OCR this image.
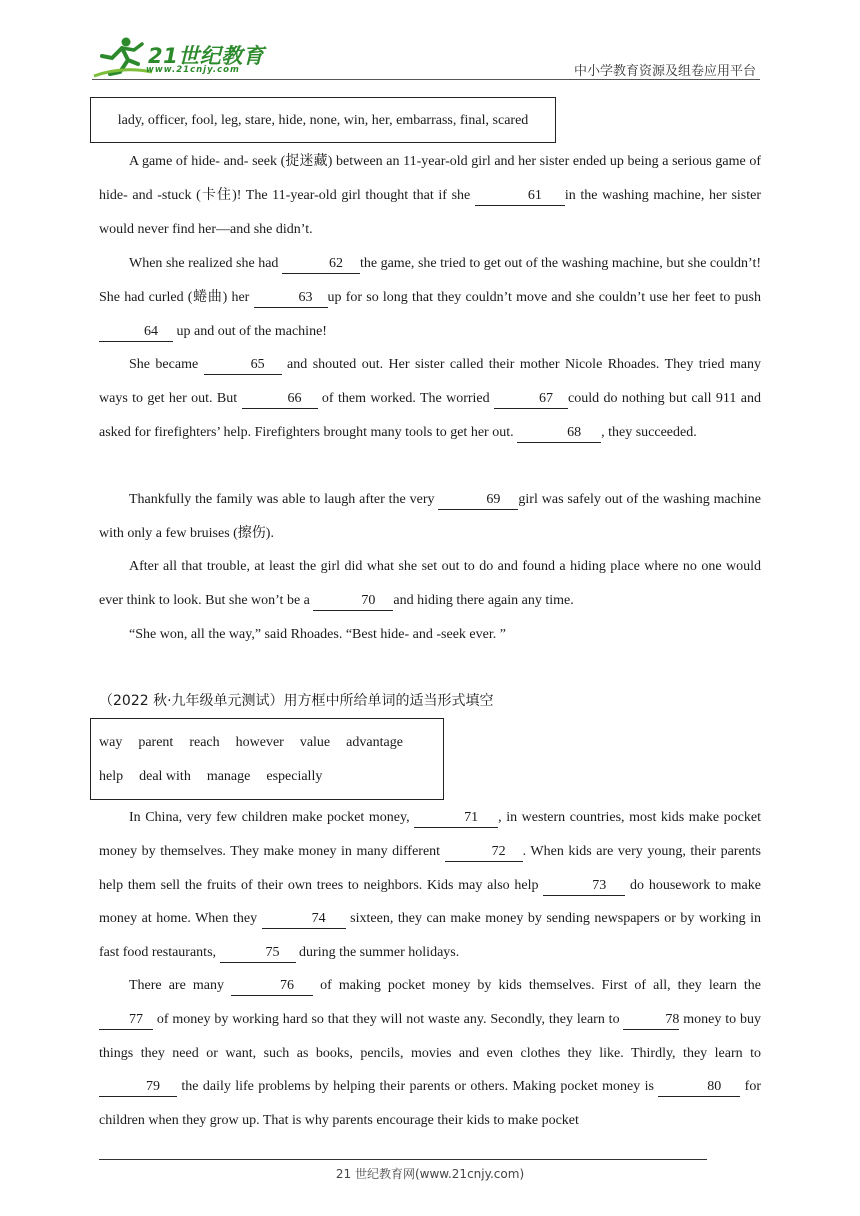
21世纪教育
www.21cnjy.com	中小学教育资源及组卷应用平台
lady, officer, fool, leg, stare, hide, none, win, her, embarrass, final, scared
A game of hide- and- seek (捉迷藏) between an 11-year-old girl and her sister ended up being a serious game of hide- and -stuck (卡住)! The 11-year-old girl thought that if she	61 in the washing machine, her sister would never find her—and she didn’t.
When she realized she had	62 the game, she tried to get out of the washing machine, but she couldn’t! She had curled (蜷曲) her	63 up for so long that they couldn’t move and she couldn’t use her feet to push 64 up and out of the machine!
She became	65 and shouted out. Her sister called their mother Nicole Rhoades. They tried many ways to get her out. But	66 of them worked. The worried	67 could do nothing but call 911 and asked for firefighters’ help. Firefighters brought many tools to get her out.	68 , they succeeded.
Thankfully the family was able to laugh after the very	69 girl was safely out of the washing machine with only a few bruises (擦伤).
After all that trouble, at least the girl did what she set out to do and found a hiding place where no one would ever think to look. But she won’t be a	70 and hiding there again any time.
“She won, all the way,” said Rhoades. “Best hide- and -seek ever. ”
（2022 秋·九年级单元测试）用方框中所给单词的适当形式填空
way parent reach however value advantage
help deal with manage especially
In China, very few children make pocket money,	71 , in western countries, most kids make pocket money by themselves. They make money in many different	72 . When kids are very young, their parents help them sell the fruits of their own trees to neighbors. Kids may also help	73 do housework to make money at home. When they	74 sixteen, they can make money by sending newspapers or by working in fast food restaurants,	75 during the summer holidays.
There are many	76 of making pocket money by kids themselves. First of all, they learn the 77 of money by working hard so that they will not waste any. Secondly, they learn to	78 money to buy things they need or want, such as books, pencils, movies and even clothes they like. Thirdly, they learn to 79 the daily life problems by helping their parents or others. Making pocket money is	80 for children when they grow up. That is why parents encourage their kids to make pocket
21 世纪教育网(www.21cnjy.com)
